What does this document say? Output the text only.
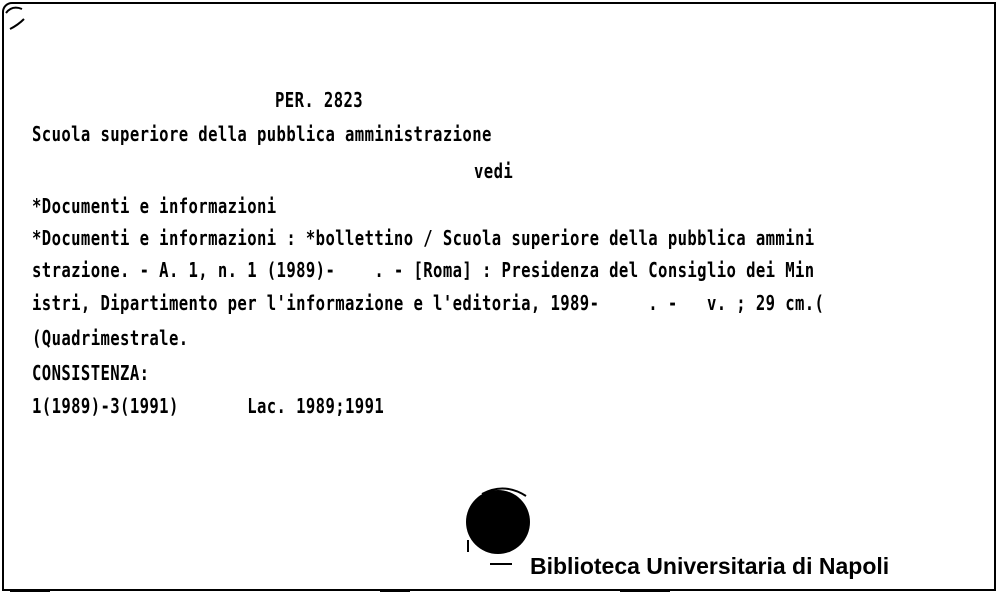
PER. 2823
Scuola superiore della pubblica amministrazione
vedi
*Documenti e informazioni
*Documenti e informazioni : *bollettino / Scuola superiore della pubblica ammini
strazione. - A. 1, n. 1 (1989)-    . - [Roma] : Presidenza del Consiglio dei Min
istri, Dipartimento per l'informazione e l'editoria, 1989-     . -   v. ; 29 cm.(
(Quadrimestrale.
CONSISTENZA:
1(1989)-3(1991)       Lac. 1989;1991
Biblioteca Universitaria di Napoli
